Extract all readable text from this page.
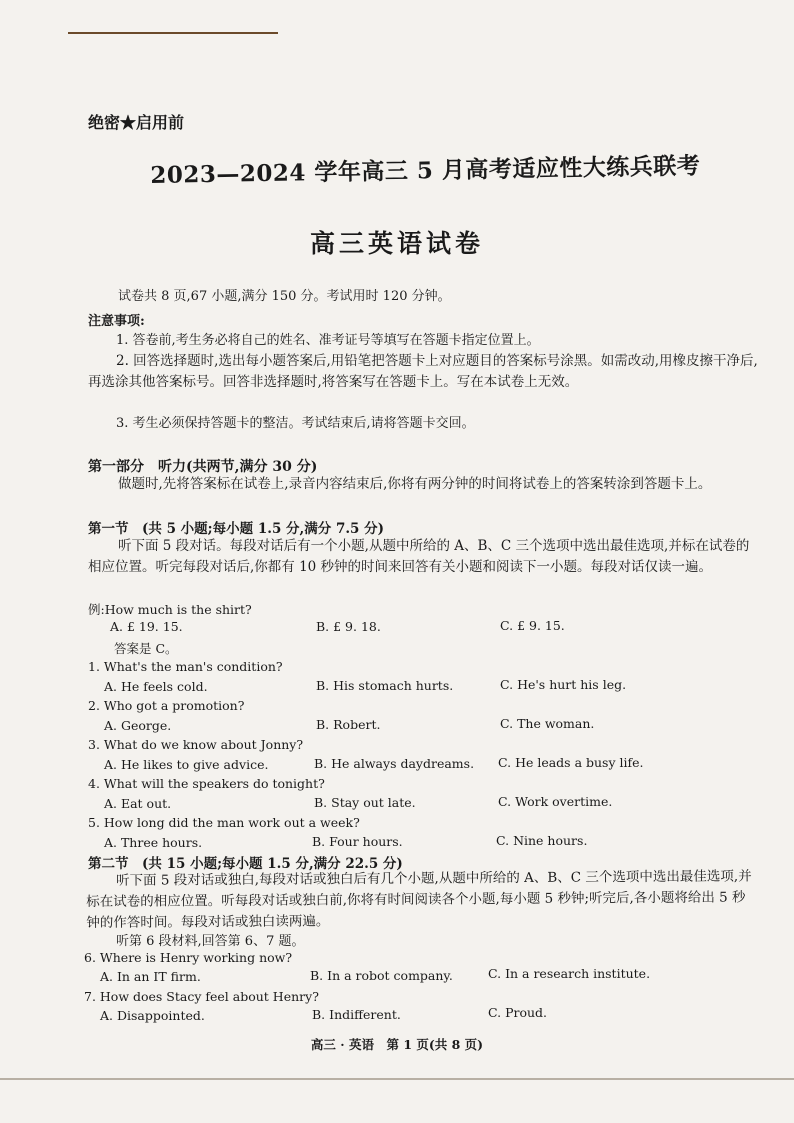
绝密★启用前
2023—2024 学年高三 5 月高考适应性大练兵联考
高三英语试卷
试卷共 8 页,67 小题,满分 150 分。考试用时 120 分钟。
注意事项:
1. 答卷前,考生务必将自己的姓名、准考证号等填写在答题卡指定位置上。
2. 回答选择题时,选出每小题答案后,用铅笔把答题卡上对应题目的答案标号涂黑。如需改动,用橡皮擦干净后,再选涂其他答案标号。回答非选择题时,将答案写在答题卡上。写在本试卷上无效。
3. 考生必须保持答题卡的整洁。考试结束后,请将答题卡交回。
第一部分　听力(共两节,满分 30 分)
做题时,先将答案标在试卷上,录音内容结束后,你将有两分钟的时间将试卷上的答案转涂到答题卡上。
第一节　(共 5 小题;每小题 1.5 分,满分 7.5 分)
听下面 5 段对话。每段对话后有一个小题,从题中所给的 A、B、C 三个选项中选出最佳选项,并标在试卷的相应位置。听完每段对话后,你都有 10 秒钟的时间来回答有关小题和阅读下一小题。每段对话仅读一遍。
例:How much is the shirt?
A. £ 19. 15.	B. £ 9. 18.	C. £ 9. 15.
答案是 C。
1. What's the man's condition?
A. He feels cold.	B. His stomach hurts.	C. He's hurt his leg.
2. Who got a promotion?
A. George.	B. Robert.	C. The woman.
3. What do we know about Jonny?
A. He likes to give advice.	B. He always daydreams. C. He leads a busy life.
4. What will the speakers do tonight?
A. Eat out.	B. Stay out late.	C. Work overtime.
5. How long did the man work out a week?
A. Three hours.	B. Four hours.	C. Nine hours.
第二节　(共 15 小题;每小题 1.5 分,满分 22.5 分)
听下面 5 段对话或独白,每段对话或独白后有几个小题,从题中所给的 A、B、C 三个选项中选出最佳选项,并标在试卷的相应位置。听每段对话或独白前,你将有时间阅读各个小题,每小题 5 秒钟;听完后,各小题将给出 5 秒钟的作答时间。每段对话或独白读两遍。
听第 6 段材料,回答第 6、7 题。
6. Where is Henry working now?
A. In an IT firm.	B. In a robot company.	C. In a research institute.
7. How does Stacy feel about Henry?
A. Disappointed.	B. Indifferent.	C. Proud.
高三 · 英语　第 1 页(共 8 页)
